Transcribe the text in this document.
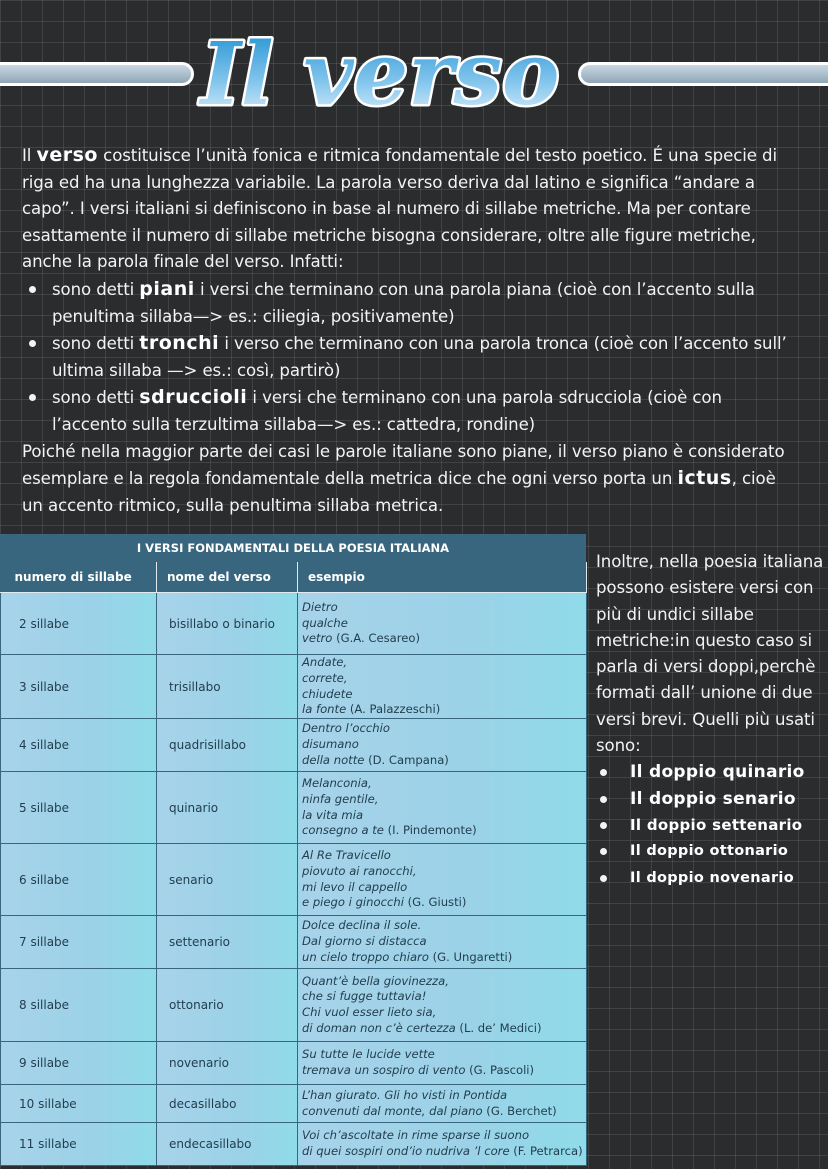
Il verso

Il verso costituisce l’unità fonica e ritmica fondamentale del testo poetico. É una specie di riga ed ha una lunghezza variabile. La parola verso deriva dal latino e significa “andare a capo”. I versi italiani si definiscono in base al numero di sillabe metriche. Ma per contare esattamente il numero di sillabe metriche bisogna considerare, oltre alle figure metriche, anche la parola finale del verso. Infatti:

sono detti piani i versi che terminano con una parola piana (cioè con l’accento sulla penultima sillaba—> es.: ciliegia, positivamente)
sono detti tronchi i verso che terminano con una parola tronca (cioè con l’accento sull’ ultima sillaba —> es.: così, partirò)
sono detti sdruccioli i versi che terminano con una parola sdrucciola (cioè con l’accento sulla terzultima sillaba—> es.: cattedra, rondine)

Poiché nella maggior parte dei casi le parole italiane sono piane, il verso piano è considerato esemplare e la regola fondamentale della metrica dice che ogni verso porta un ictus, cioè un accento ritmico, sulla penultima sillaba metrica.

I VERSI FONDAMENTALI DELLA POESIA ITALIANA
numero di sillabe	nome del verso	esempio
2 sillabe	bisillabo o binario	Dietro
qualche
vetro (G.A. Cesareo)

3 sillabe	trisillabo	Andate,
correte,
chiudete
la fonte (A. Palazzeschi)

4 sillabe	quadrisillabo	Dentro l’occhio
disumano
della notte (D. Campana)

5 sillabe	quinario	Melanconia,
ninfa gentile,
la vita mia
consegno a te (I. Pindemonte)

6 sillabe	senario	Al Re Travicello
piovuto ai ranocchi,
mi levo il cappello
e piego i ginocchi (G. Giusti)

7 sillabe	settenario	Dolce declina il sole.
Dal giorno si distacca
un cielo troppo chiaro (G. Ungaretti)

8 sillabe	ottonario	Quant’è bella giovinezza,
che si fugge tuttavia!
Chi vuol esser lieto sia,
di doman non c’è certezza (L. de’ Medici)

9 sillabe	novenario	Su tutte le lucide vette
tremava un sospiro di vento (G. Pascoli)

10 sillabe	decasillabo	L’han giurato. Gli ho visti in Pontida
convenuti dal monte, dal piano (G. Berchet)

11 sillabe	endecasillabo	Voi ch’ascoltate in rime sparse il suono
di quei sospiri ond’io nudriva ’l core (F. Petrarca)

Inoltre, nella poesia italiana possono esistere versi con più di undici sillabe metriche:in questo caso si parla di versi doppi,perchè formati dall’ unione di due versi brevi. Quelli più usati sono:

Il doppio quinario
Il doppio senario
Il doppio settenario
Il doppio ottonario
Il doppio novenario
